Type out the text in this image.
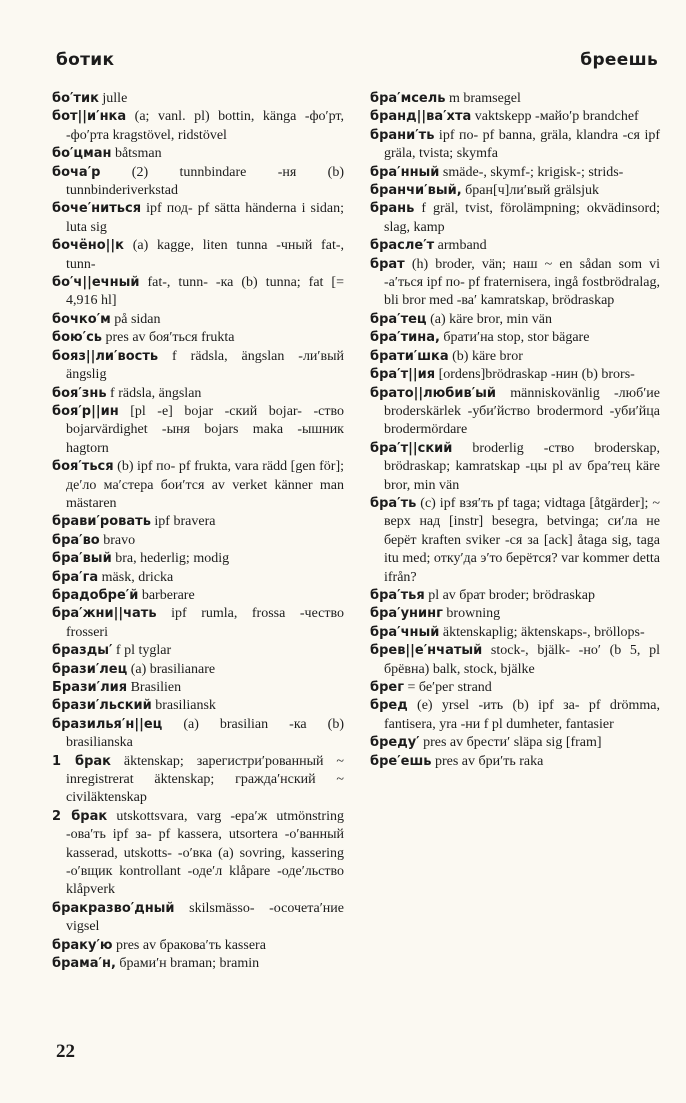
ботик	бреешь

бо′тик julle

бот||и′нка (a; vanl. pl) bottin, känga -фо′рт, -фо′рта kragstövel, ridstövel

бо′цман båtsman

боча′р (2) tunnbindare -ня (b) tunnbinderiverkstad

боче′ниться ipf под- pf sätta händerna i sidan; luta sig

бочёно||к (a) kagge, liten tunna -чный fat-, tunn-

бо′ч||ечный fat-, tunn- -ка (b) tunna; fat [= 4,916 hl]

бочко′м på sidan

бою′сь pres av боя′ться frukta

бояз||ли′вость f rädsla, ängslan -ли′вый ängslig

боя′знь f rädsla, ängslan

боя′р||ин [pl -е] bojar -ский bojar- -ство bojarvärdighet -ыня bojars maka -ышник hagtorn

боя′ться (b) ipf по- pf frukta, vara rädd [gen för]; де′ло ма′стера бои′тся av verket känner man mästaren

брави′ровать ipf bravera

бра′во bravo

бра′вый bra, hederlig; modig

бра′га mäsk, dricka

брадобре′й barberare

бра′жни||чать ipf rumla, frossa -чество frosseri

бразды′ f pl tyglar

брази′лец (a) brasilianare

Брази′лия Brasilien

брази′льский brasiliansk

бразилья′н||ец (a) brasilian -ка (b) brasilianska

1 брак äktenskap; зарегистри′рованный ~ inregistrerat äktenskap; гражда′нский ~ civiläktenskap

2 брак utskottsvara, varg -ера′ж utmönstring -ова′ть ipf за- pf kassera, utsortera -о′ванный kasserad, utskotts- -о′вка (a) sovring, kassering -о′вщик kontrollant -оде′л klåpare -оде′льство klåpverk

бракразво′дный skilsmässo- -осочета′ние vigsel

браку′ю pres av бракова′ть kassera

брама′н, брами′н braman; bramin

бра′мсель m bramsegel

бранд||ва′хта vaktskepp -майо′р brandchef

брани′ть ipf по- pf banna, gräla, klandra -ся ipf gräla, tvista; skymfa

бра′нный smäde-, skymf-; krigisk-; strids-

бранчи′вый, бран[ч]ли′вый grälsjuk

брань f gräl, tvist, förolämpning; okvädinsord; slag, kamp

брасле′т armband

брат (h) broder, vän; наш ~ en sådan som vi -а′ться ipf по- pf fraternisera, ingå fostbrödralag, bli bror med -ва′ kamratskap, brödraskap

бра′тец (a) käre bror, min vän

бра′тина, брати′на stop, stor bägare

брати′шка (b) käre bror

бра′т||ия [ordens]brödraskap -нин (b) brors-

брато||любив′ый människovänlig -люб′ие broderskärlek -уби′йство brodermord -уби′йца brodermördare

бра′т||ский broderlig -ство broderskap, brödraskap; kamratskap -цы pl av бра′тец käre bror, min vän

бра′ть (c) ipf взя′ть pf taga; vidtaga [åtgärder]; ~ верх над [instr] besegra, betvinga; си′ла не берёт kraften sviker -ся за [ack] åtaga sig, taga itu med; отку′да э′то берётся? var kommer detta ifrån?

бра′тья pl av брат broder; brödraskap

бра′унинг browning

бра′чный äktenskaplig; äktenskaps-, bröllops-

брев||е′нчатый stock-, bjälk- -но′ (b 5, pl брёвна) balk, stock, bjälke

брег = бе′рег strand

бред (e) yrsel -ить (b) ipf за- pf drömma, fantisera, yra -ни f pl dumheter, fantasier

бреду′ pres av брести′ släpa sig [fram]

бре′ешь pres av бри′ть raka

22
